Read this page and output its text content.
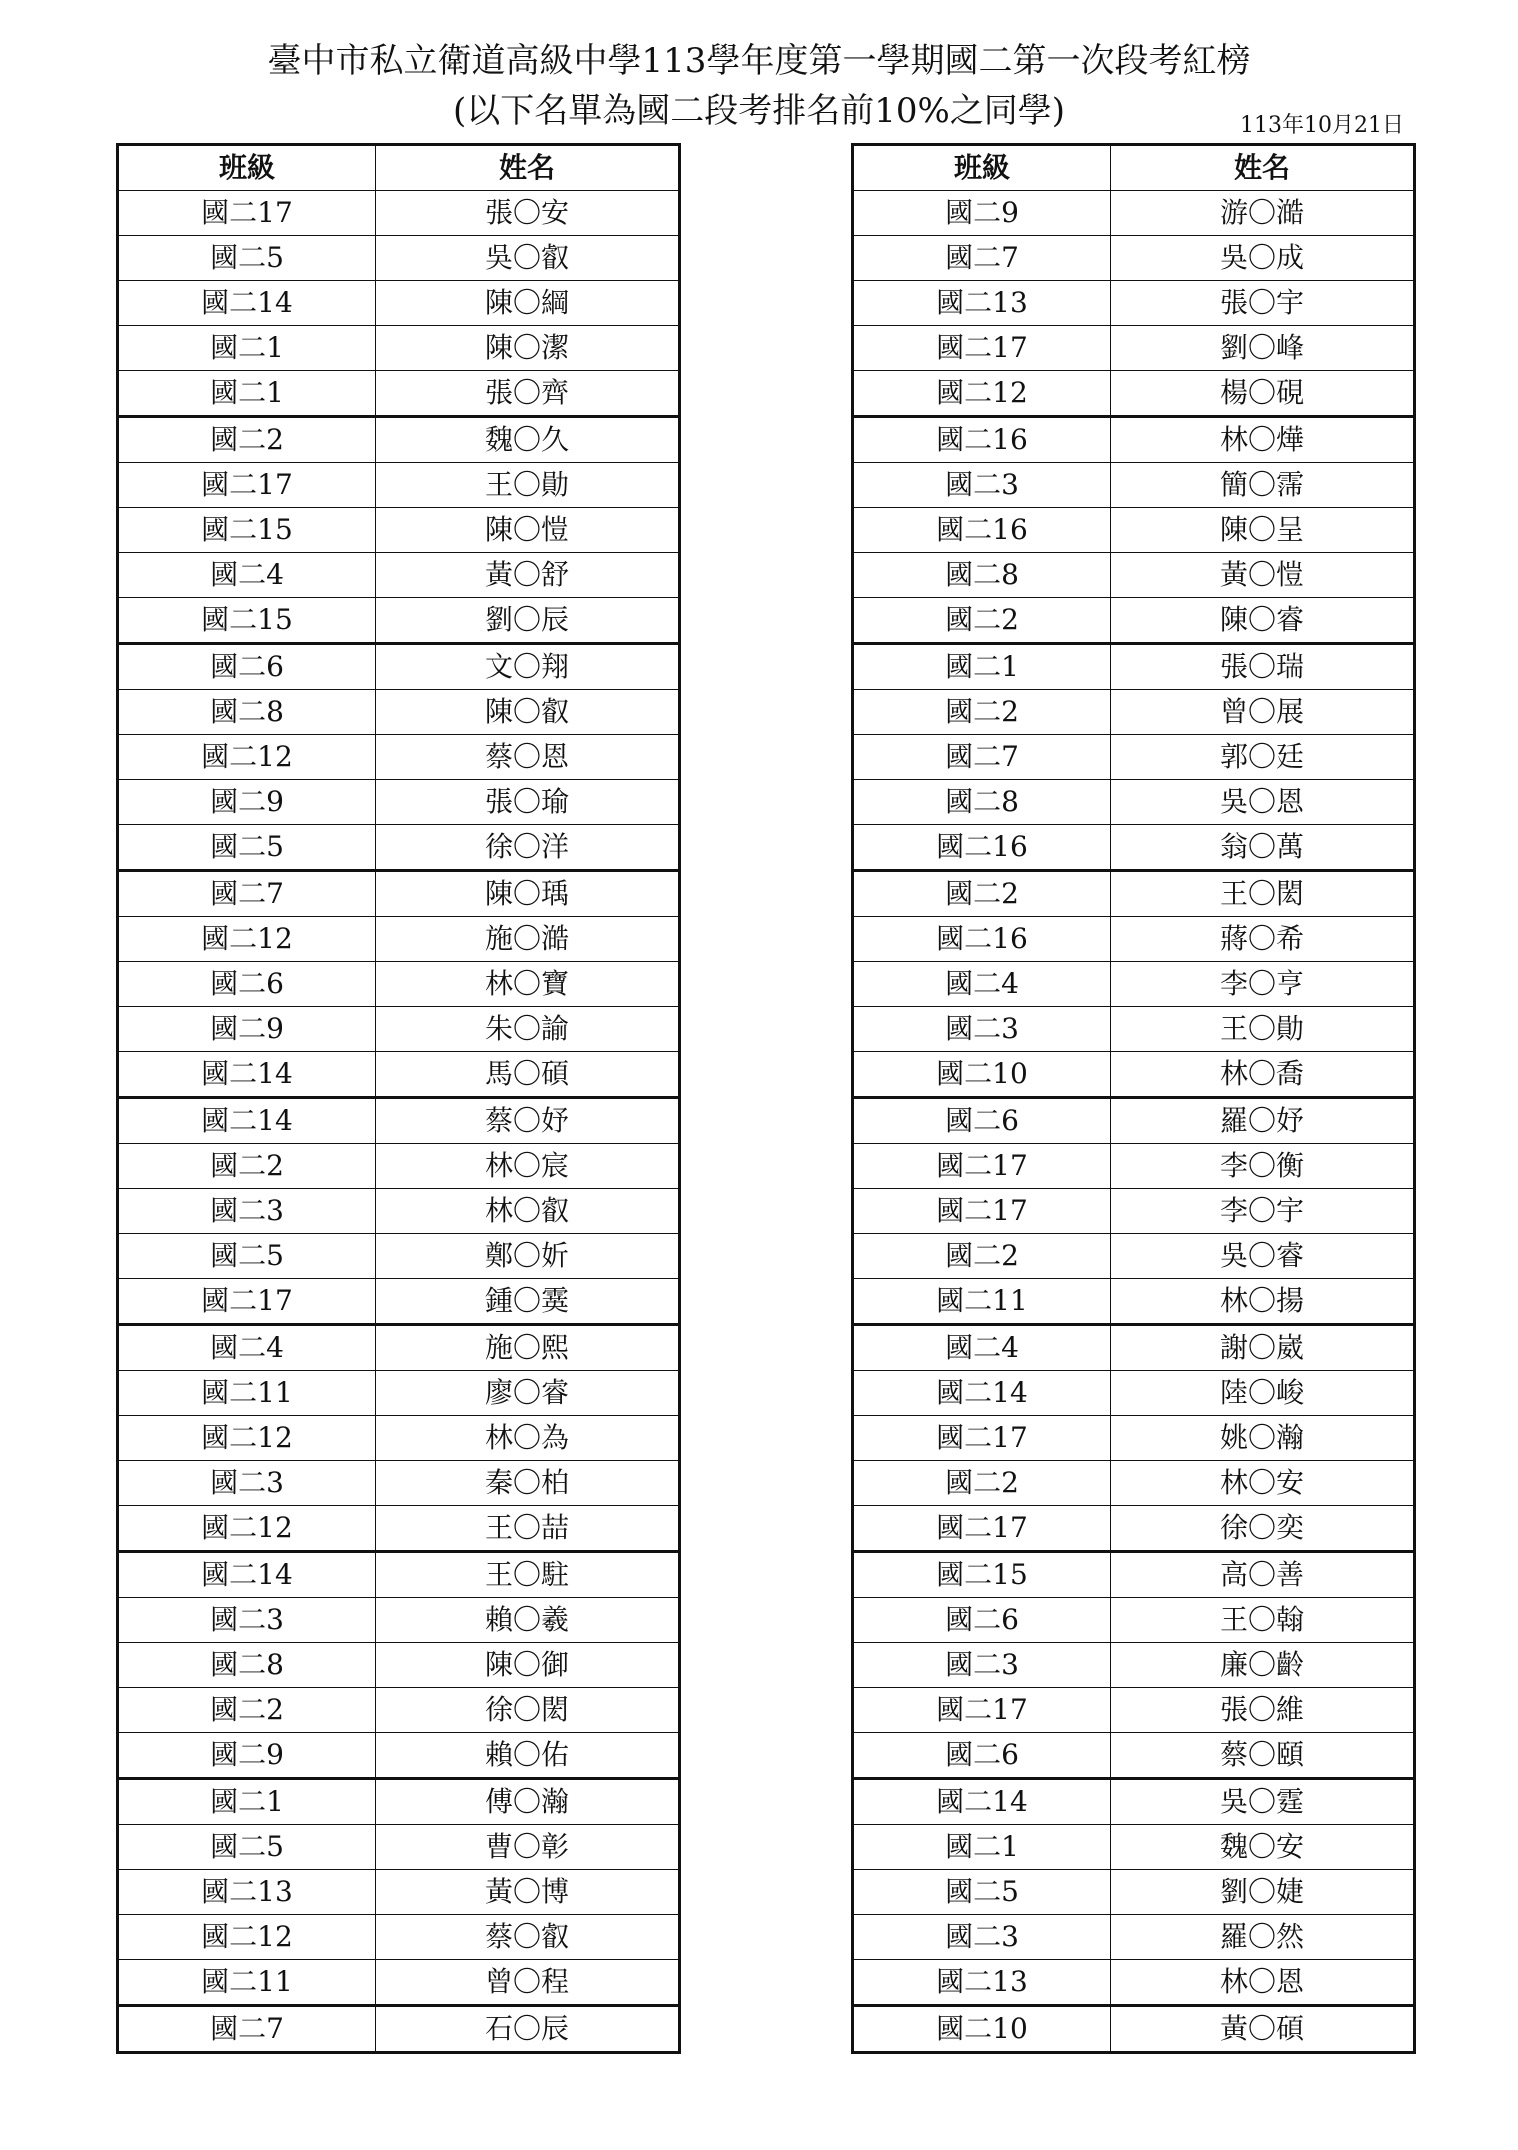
臺中市私立衛道高級中學113學年度第一學期國二第一次段考紅榜
(以下名單為國二段考排名前10%之同學)	113年10月21日
班級	姓名
國二17	張〇安
國二5	吳〇叡
國二14	陳〇綱
國二1	陳〇潔
國二1	張〇齊
國二2	魏〇久
國二17	王〇勛
國二15	陳〇愷
國二4	黃〇舒
國二15	劉〇辰
國二6	文〇翔
國二8	陳〇叡
國二12	蔡〇恩
國二9	張〇瑜
國二5	徐〇洋
國二7	陳〇瑀
國二12	施〇澔
國二6	林〇寶
國二9	朱〇諭
國二14	馬〇碩
國二14	蔡〇妤
國二2	林〇宸
國二3	林〇叡
國二5	鄭〇妡
國二17	鍾〇霙
國二4	施〇熙
國二11	廖〇睿
國二12	林〇為
國二3	秦〇柏
國二12	王〇喆
國二14	王〇駐
國二3	賴〇羲
國二8	陳〇御
國二2	徐〇閎
國二9	賴〇佑
國二1	傅〇瀚
國二5	曹〇彰
國二13	黃〇博
國二12	蔡〇叡
國二11	曾〇程
國二7	石〇辰
班級	姓名
國二9	游〇澔
國二7	吳〇成
國二13	張〇宇
國二17	劉〇峰
國二12	楊〇硯
國二16	林〇燁
國二3	簡〇霈
國二16	陳〇呈
國二8	黃〇愷
國二2	陳〇睿
國二1	張〇瑞
國二2	曾〇展
國二7	郭〇廷
國二8	吳〇恩
國二16	翁〇萬
國二2	王〇閎
國二16	蔣〇希
國二4	李〇亨
國二3	王〇勛
國二10	林〇喬
國二6	羅〇妤
國二17	李〇衡
國二17	李〇宇
國二2	吳〇睿
國二11	林〇揚
國二4	謝〇崴
國二14	陸〇峻
國二17	姚〇瀚
國二2	林〇安
國二17	徐〇奕
國二15	高〇善
國二6	王〇翰
國二3	廉〇齡
國二17	張〇維
國二6	蔡〇頤
國二14	吳〇霆
國二1	魏〇安
國二5	劉〇婕
國二3	羅〇然
國二13	林〇恩
國二10	黃〇碩
